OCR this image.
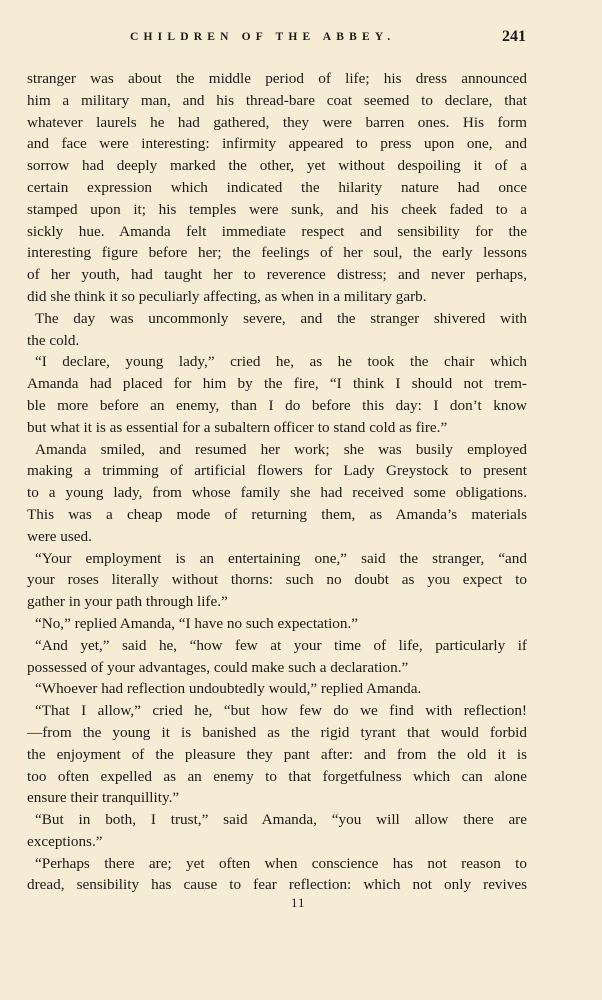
CHILDREN OF THE ABBEY.	241
stranger was about the middle period of life; his dress announced
him a military man, and his thread-bare coat seemed to declare, that
whatever laurels he had gathered, they were barren ones. His form
and face were interesting: infirmity appeared to press upon one, and
sorrow had deeply marked the other, yet without despoiling it of a
certain expression which indicated the hilarity nature had once
stamped upon it; his temples were sunk, and his cheek faded to a
sickly hue. Amanda felt immediate respect and sensibility for the
interesting figure before her; the feelings of her soul, the early lessons
of her youth, had taught her to reverence distress; and never perhaps,
did she think it so peculiarly affecting, as when in a military garb.
The day was uncommonly severe, and the stranger shivered with
the cold.
“I declare, young lady,” cried he, as he took the chair which
Amanda had placed for him by the fire, “I think I should not trem-
ble more before an enemy, than I do before this day: I don’t know
but what it is as essential for a subaltern officer to stand cold as fire.”
Amanda smiled, and resumed her work; she was busily employed
making a trimming of artificial flowers for Lady Greystock to present
to a young lady, from whose family she had received some obligations.
This was a cheap mode of returning them, as Amanda’s materials
were used.
“Your employment is an entertaining one,” said the stranger, “and
your roses literally without thorns: such no doubt as you expect to
gather in your path through life.”
“No,” replied Amanda, “I have no such expectation.”
“And yet,” said he, “how few at your time of life, particularly if
possessed of your advantages, could make such a declaration.”
“Whoever had reflection undoubtedly would,” replied Amanda.
“That I allow,” cried he, “but how few do we find with reflection!
—from the young it is banished as the rigid tyrant that would forbid
the enjoyment of the pleasure they pant after: and from the old it is
too often expelled as an enemy to that forgetfulness which can alone
ensure their tranquillity.”
“But in both, I trust,” said Amanda, “you will allow there are
exceptions.”
“Perhaps there are; yet often when conscience has not reason to
dread, sensibility has cause to fear reflection: which not only revives
11
